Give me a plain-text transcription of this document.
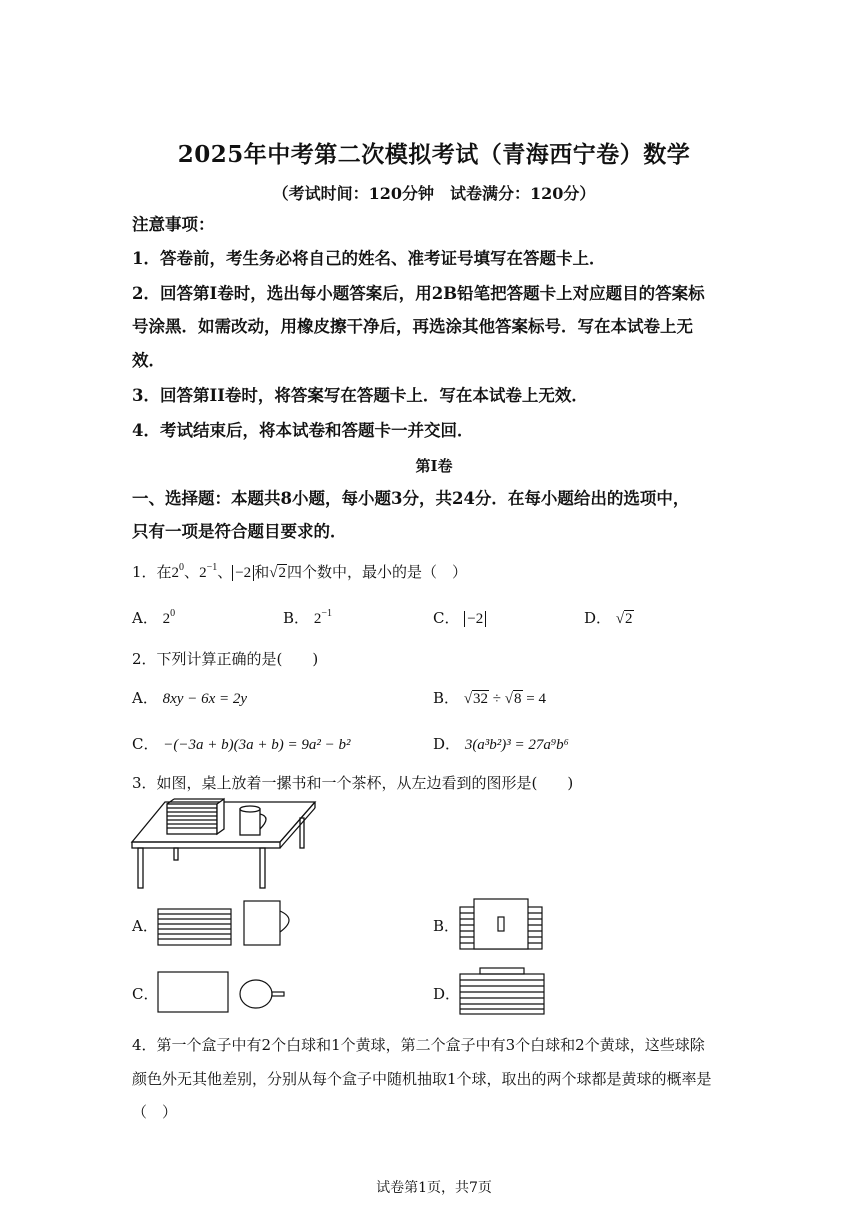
2025年中考第二次模拟考试（青海西宁卷）数学
（考试时间：120分钟　试卷满分：120分）
注意事项：
1．答卷前，考生务必将自己的姓名、准考证号填写在答题卡上．
2．回答第I卷时，选出每小题答案后，用2B铅笔把答题卡上对应题目的答案标
号涂黑．如需改动，用橡皮擦干净后，再选涂其他答案标号．写在本试卷上无
效．
3．回答第II卷时，将答案写在答题卡上．写在本试卷上无效．
4．考试结束后，将本试卷和答题卡一并交回．
第I卷
一、选择题：本题共8小题，每小题3分，共24分．在每小题给出的选项中，
只有一项是符合题目要求的．
1．在$2^0$、$2^{-1}$、 −2 和√2四个数中，最小的是（　）
A． $2^0$	B． $2^{-1}$	C． −2	D． √2
2．下列计算正确的是(　　)
A． 8xy − 6x = 2y	B． √32 ÷ √8 = 4
C． −(−3a + b)(3a + b) = 9a² − b²	D． 3(a³b²)³ = 27a⁹b⁶
3．如图，桌上放着一摞书和一个茶杯，从左边看到的图形是(　　)
A．	B．
C．	D．
4．第一个盒子中有2个白球和1个黄球，第二个盒子中有3个白球和2个黄球，这些球除
颜色外无其他差别，分别从每个盒子中随机抽取1个球，取出的两个球都是黄球的概率是
（　）
试卷第1页，共7页
